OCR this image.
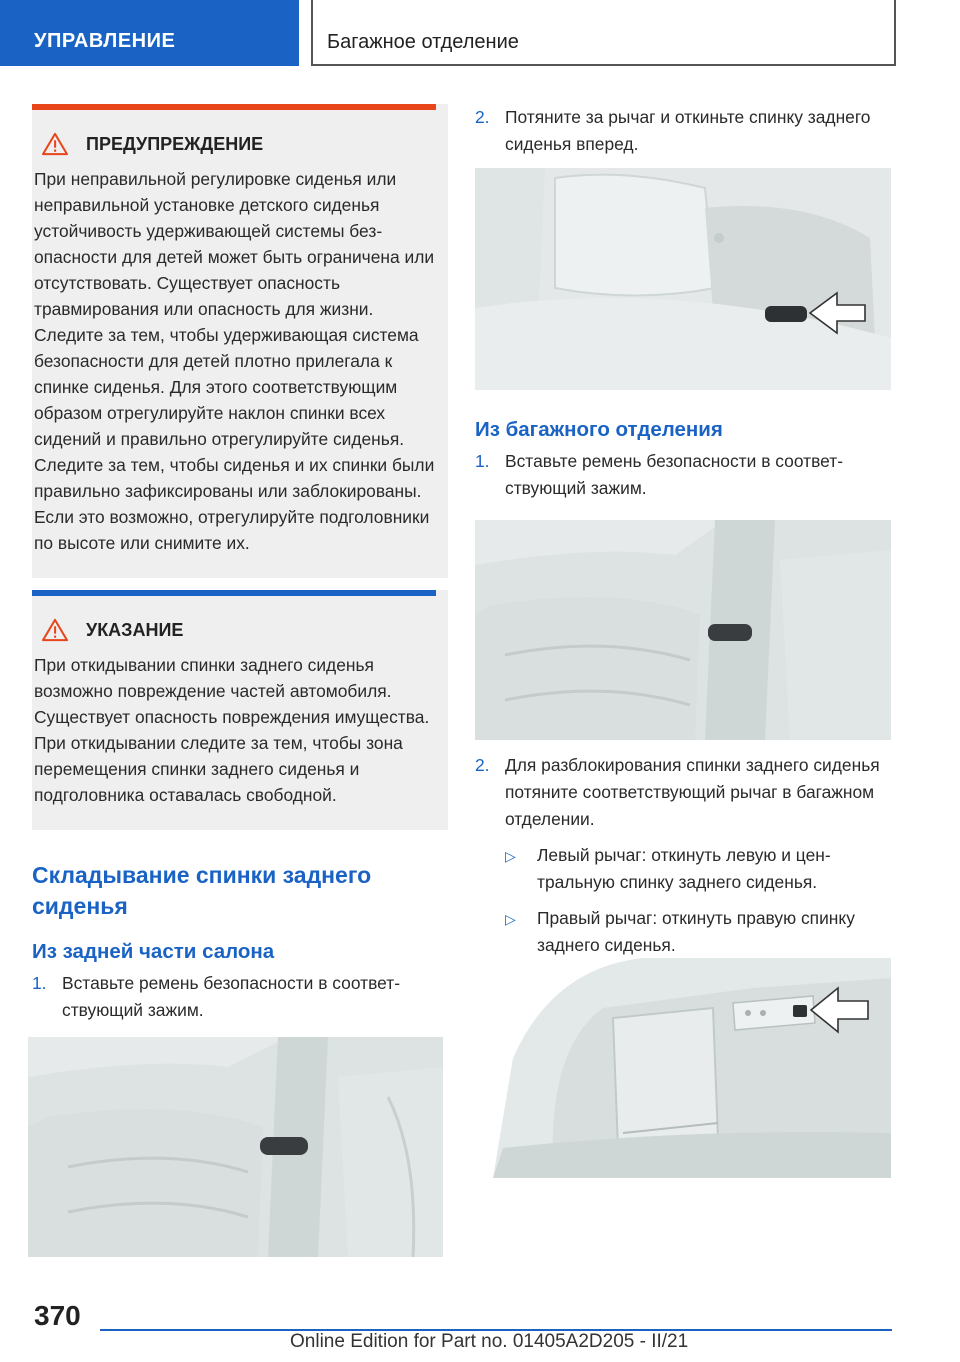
УПРАВЛЕНИЕ	Багажное отделение
ПРЕДУПРЕЖДЕНИЕ
При неправильной регулировке сиденья или неправильной установке детского сиденья устойчивость удерживающей системы безопасности для детей может быть ограничена или отсутствовать. Существует опасность травмирования или опасность для жизни. Следите за тем, чтобы удерживающая система безопасности для детей плотно прилегала к спинке сиденья. Для этого соответствующим образом отрегулируйте наклон спинки всех сидений и правильно отрегулируйте сиденья. Следите за тем, чтобы сиденья и их спинки были правильно зафиксированы или заблокированы. Если это возможно, отрегулируйте подголовники по высоте или снимите их.
УКАЗАНИЕ
При откидывании спинки заднего сиденья возможно повреждение частей автомобиля. Существует опасность повреждения имущества. При откидывании следите за тем, чтобы зона перемещения спинки заднего сиденья и подголовника оставалась свободной.
Складывание спинки заднего сиденья
Из задней части салона
1. Вставьте ремень безопасности в соответствующий зажим.
2. Потяните за рычаг и откиньте спинку заднего сиденья вперед.
Из багажного отделения
1. Вставьте ремень безопасности в соответствующий зажим.
2. Для разблокирования спинки заднего сиденья потяните соответствующий рычаг в багажном отделении.
▷	Левый рычаг: откинуть левую и центральную спинку заднего сиденья.
▷	Правый рычаг: откинуть правую спинку заднего сиденья.
370
Online Edition for Part no. 01405A2D205 - II/21
